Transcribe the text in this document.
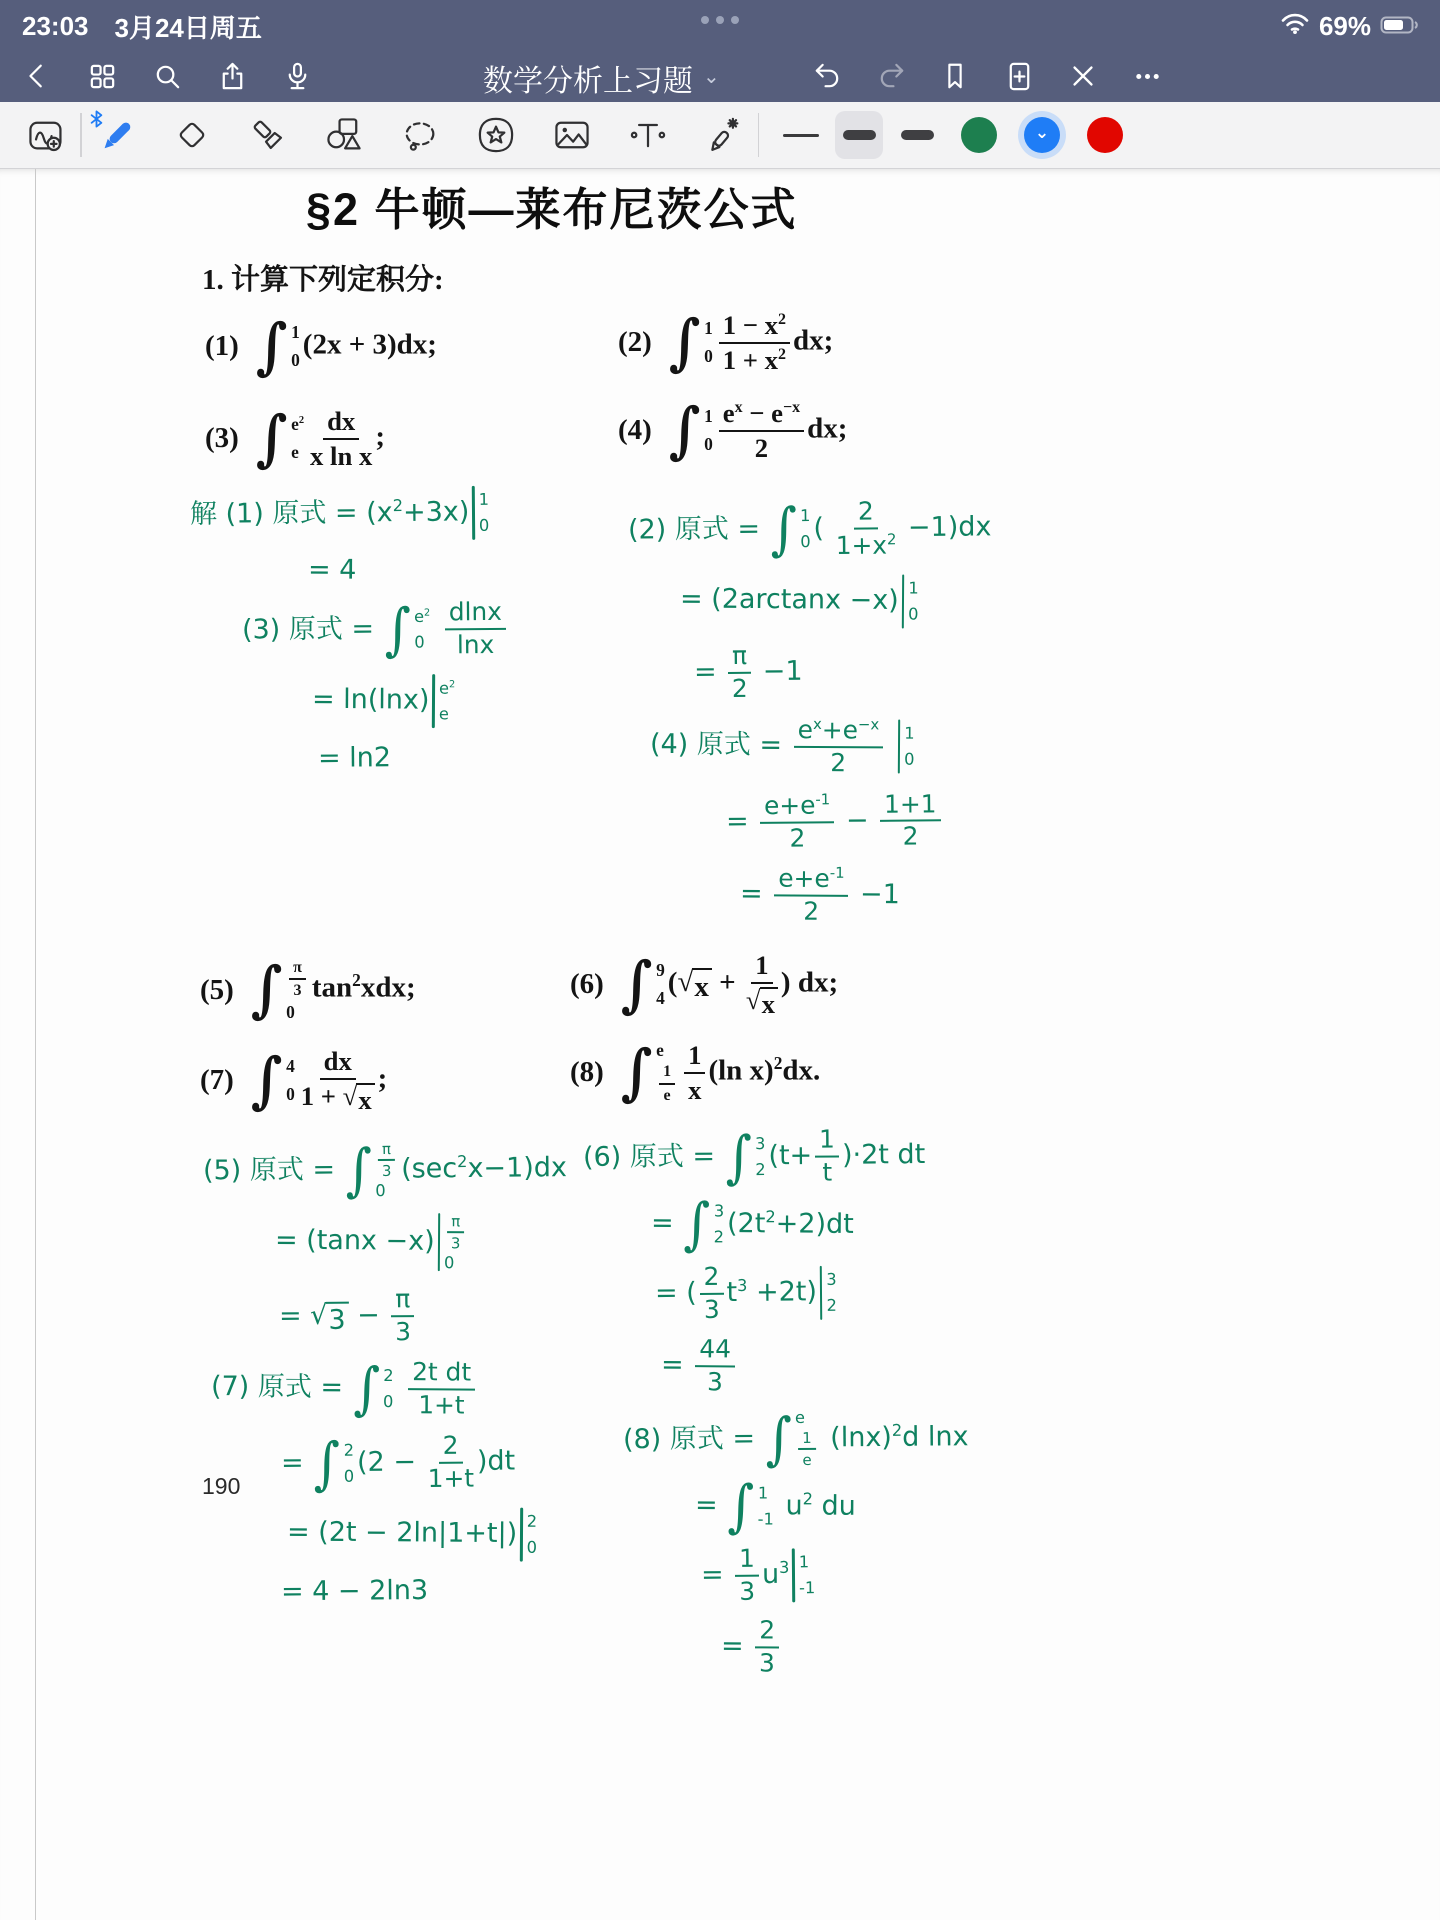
23:03 3月24日周五	69%
数学分析上习题 ⌄
⌄
§2 牛顿—莱布尼茨公式
1. 计算下列定积分:
(1) ∫ 1
0 (2x + 3)dx;	(2) ∫ 1
$0 \frac{1 - x^2}{1 + x^2}$ dx;
(3) ∫ $e^2$
e $\frac{dx}{\text{x ln x}}$ ;	(4) ∫ 1
$0 \frac{e^x - e^{-x}}{2}$ dx;
解 (1) 原式 = $(x^2+3x)$ 1
0
= 4
(3) 原式 = ∫ $e^2$
0
$\frac{dlnx}{\ln x}$
= ln(lnx) $e^2$
e
= ln2
(2) 原式 = ∫ 1
0 ( $\frac{2}{1+x^2} -1)dx$
= (2arctanx −x) 1
0
= $\frac{\pi}{2} -1$
(4) 原式 = $\frac{e^x+e^{-x}}{2}$
1
0
= $\frac{e+e^{-1}}{2} - \frac{1+1}{2}$
= $\frac{e+e^{-1}}{2} -1$
(5) ∫ $\frac{\pi}{3}$
0
$\tan^2xdx$;	(6) ∫ 9
4 ( √ $x + \frac{1}{√ x}$ ) dx;
(7) ∫ 4
$0 \frac{dx}{1 + √ x}$ ;	(8) ∫ e
$\frac{1}{e} \frac{1}{x} (\ln$ x)$^2$dx.
(5) 原式 = ∫ $\frac{\pi}{3}$
0
$(\sec^2x-1)dx$
= $(\tan x -x) \frac{\pi}{3}$
0
= √ $3 - \frac{\pi}{3}$
(7) 原式 = ∫ 2
0
$\frac{\text{2t dt}}{1+t}$
= ∫ 2
0 $(2 - \frac{2}{1+t} )dt$
= (2t − 2ln|1+t|) 2
0
= 4 − 2ln3
(6) 原式 = ∫ 3
2 $(t+ \frac{1}{t} )\cdot 2t$ dt
= ∫ 3
2 $(2t^2+2)dt$
= ( $\frac{2}{3} t^3 +2t$) 3
2
= $\frac{44}{3}$
(8) 原式 = ∫ e
$\frac{1}{e} (\ln x)^2d$ lnx
= ∫ 1
-1 $u^2$ du
= $\frac{1}{3} u^3$ 1
-1
= $\frac{2}{3}$
190
